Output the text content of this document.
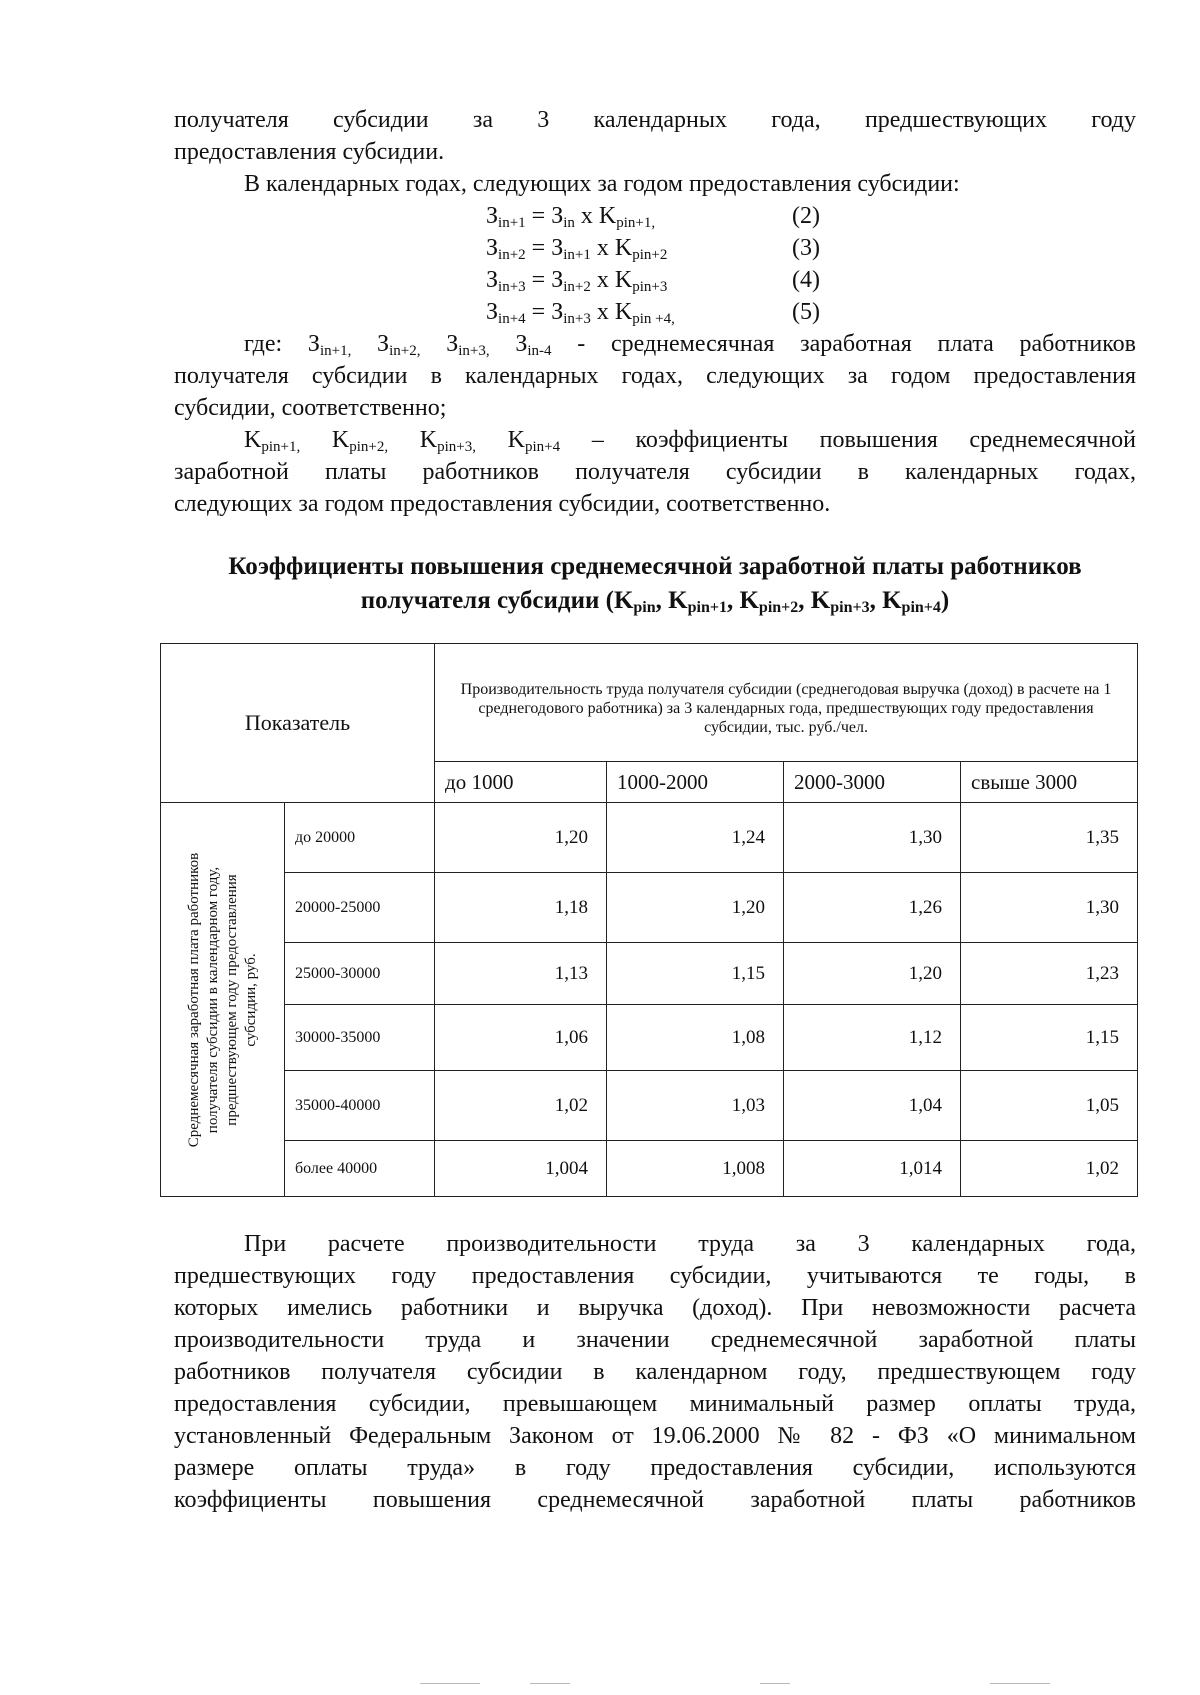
получателя субсидии за 3 календарных года, предшествующих году
предоставления субсидии.
В календарных годах, следующих за годом предоставления субсидии:
$З_{in+1} = З_{in}$ x $K_{pin+1,}$	(2)
$З_{in+2} = З_{in+1}$ x $K_{pin+2}$	(3)
$З_{in+3} = З_{in+2}$ x $K_{pin+3}$	(4)
$З_{in+4} = З_{in+3}$ x $K_{pin +4,}$	(5)
где: $З_{in+1,}$ $З_{in+2,}$ $З_{in+3,}$ $З_{in-4}$ - среднемесячная заработная плата работников
получателя субсидии в календарных годах, следующих за годом предоставления
субсидии, соответственно;
$K_{pin+1,}$ $K_{pin+2,}$ $K_{pin+3,}$ $K_{pin+4}$ – коэффициенты повышения среднемесячной
заработной платы работников получателя субсидии в календарных годах,
следующих за годом предоставления субсидии, соответственно.
Коэффициенты повышения среднемесячной заработной платы работников
получателя субсидии ($K_{pin}$, $K_{pin+1}$, $K_{pin+2}$, $K_{pin+3}$, $K_{pin+4}$)
Показатель		Производительность труда получателя субсидии (среднегодовая выручка (доход) в расчете на 1 среднегодового работника) за 3 календарных года, предшествующих году предоставления субсидии, тыс. руб./чел.			
		до 1000	1000-2000	2000-3000	свыше 3000

Среднемесячная заработная плата работников получателя субсидии в календарном году, предшествующем году предоставления субсидии, руб.	до 20000	1,20	1,24	1,30	1,35
	20000-25000	1,18	1,20	1,26	1,30
	25000-30000	1,13	1,15	1,20	1,23
	30000-35000	1,06	1,08	1,12	1,15
	35000-40000	1,02	1,03	1,04	1,05
	более 40000	1,004	1,008	1,014	1,02
При расчете производительности труда за 3 календарных года,
предшествующих году предоставления субсидии, учитываются те годы, в
которых имелись работники и выручка (доход). При невозможности расчета
производительности труда и значении среднемесячной заработной платы
работников получателя субсидии в календарном году, предшествующем году
предоставления субсидии, превышающем минимальный размер оплаты труда,
установленный Федеральным Законом от 19.06.2000 № 82 - ФЗ «О минимальном
размере оплаты труда» в году предоставления субсидии, используются
коэффициенты повышения среднемесячной заработной платы работников
